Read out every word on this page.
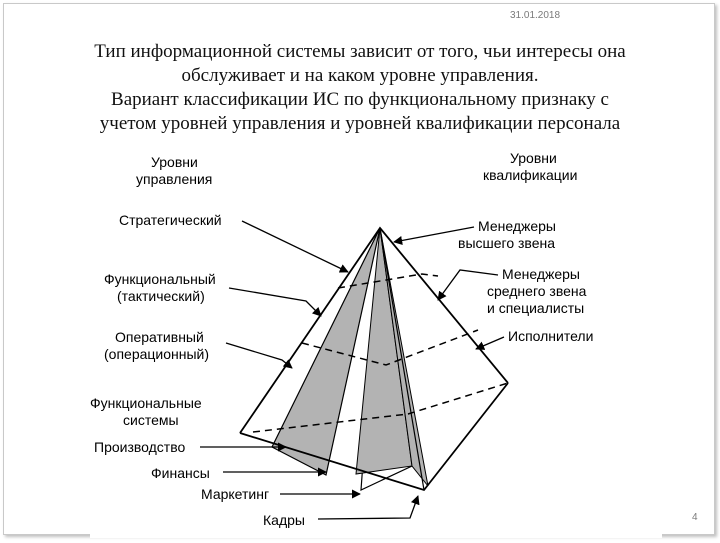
31.01.2018
Тип информационной системы зависит от того, чьи интересы она
обслуживает и на каком уровне управления.
Вариант классификации ИС по функциональному признаку с
учетом уровней управления и уровней квалификации персонала
Уровни
управления
Уровни
квалификации
Стратегический
Функциональный
(тактический)
Оперативный
(операционный)
Функциональные
системы
Производство
Финансы
Маркетинг
Кадры
Менеджеры
высшего звена
Менеджеры
среднего звена
и специалисты
Исполнители
4
